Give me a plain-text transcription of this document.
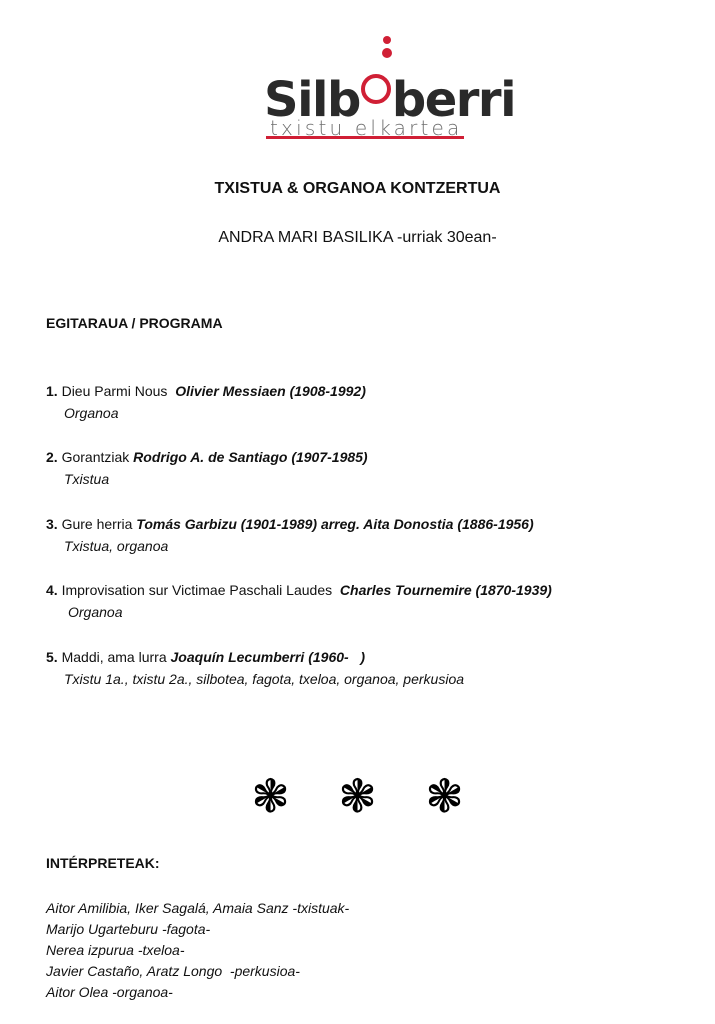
Silb berri
txistu elkartea
TXISTUA & ORGANOA KONTZERTUA
ANDRA MARI BASILIKA -urriak 30ean-
EGITARAUA / PROGRAMA
1. Dieu Parmi Nous Olivier Messiaen (1908-1992)
Organoa
2. Gorantziak Rodrigo A. de Santiago (1907-1985)
Txistua
3. Gure herria Tomás Garbizu (1901-1989) arreg. Aita Donostia (1886-1956)
Txistua, organoa
4. Improvisation sur Victimae Paschali Laudes Charles Tournemire (1870-1939)
Organoa
5. Maddi, ama lurra Joaquín Lecumberri (1960-   )
Txistu 1a., txistu 2a., silbotea, fagota, txeloa, organoa, perkusioa
❃ ❃ ❃
INTÉRPRETEAK:
Aitor Amilibia, Iker Sagalá, Amaia Sanz -txistuak-
Marijo Ugarteburu -fagota-
Nerea izpurua -txeloa-
Javier Castaño, Aratz Longo  -perkusioa-
Aitor Olea -organoa-
